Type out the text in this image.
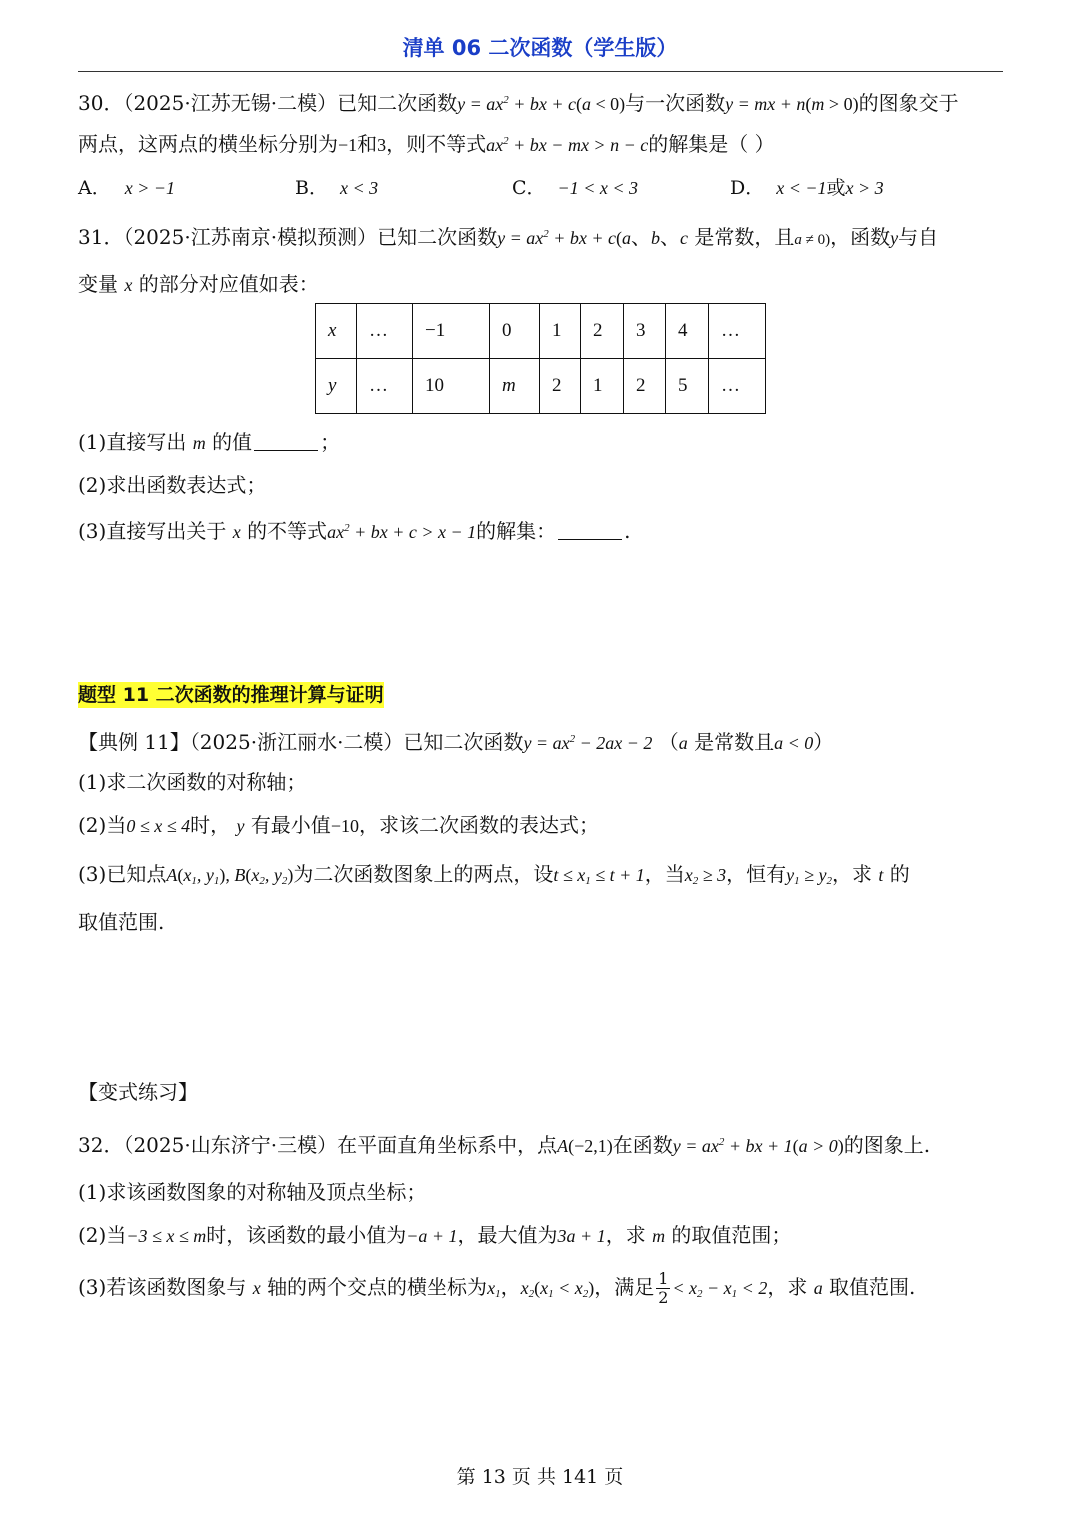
清单 06 二次函数（学生版）
30．（2025·江苏无锡·二模）已知二次函数$y = ax^2$ + bx + c(a < 0)与一次函数y = mx + n(m > 0)的图象交于
两点，这两点的横坐标分别为−1和3，则不等式$ax^2$ + bx − mx > n − c的解集是（ ）
A． x > −1	B． x < 3	C． −1 < x < 3	D． x < −1或x > 3
31．（2025·江苏南京·模拟预测）已知二次函数$y = ax^2$ + bx + c(a、b、c 是常数，且a ≠ 0)，函数y与自
变量 x 的部分对应值如表：
x	…	−1	0	1	2	3	4	…
y	…	10	m	2	1	2	5	…
(1)直接写出 m 的值	；
(2)求出函数表达式；
(3)直接写出关于 x 的不等式$ax^2$ + bx + c > x − 1的解集：	.
题型 11 二次函数的推理计算与证明
【典例 11】（2025·浙江丽水·二模）已知二次函数$y = ax^2 - 2ax - 2$ （a 是常数且a < 0）
(1)求二次函数的对称轴；
(2)当0 ≤ x ≤ 4时， y 有最小值−10，求该二次函数的表达式；
(3)已知点$A(x_1$, $y_1$), $B(x_2$, $y_2$)为二次函数图象上的两点，设$t \le x_1 \le t + 1$，当$x_2 \ge 3$，恒有$y_1 \ge y_2$，求 t 的
取值范围.
【变式练习】
32．（2025·山东济宁·三模）在平面直角坐标系中，点A(−2,1)在函数$y = ax^2$ + bx + 1(a > 0)的图象上.
(1)求该函数图象的对称轴及顶点坐标；
(2)当−3 ≤ x ≤ m时，该函数的最小值为−a + 1，最大值为3a + 1，求 m 的取值范围；
(3)若该函数图象与 x 轴的两个交点的横坐标为$x_1$，$x_2(x_1 < x_2)$，满足 $\frac{1}{2} < x_2 - x_1 < 2$，求 a 取值范围.
第 13 页 共 141 页
